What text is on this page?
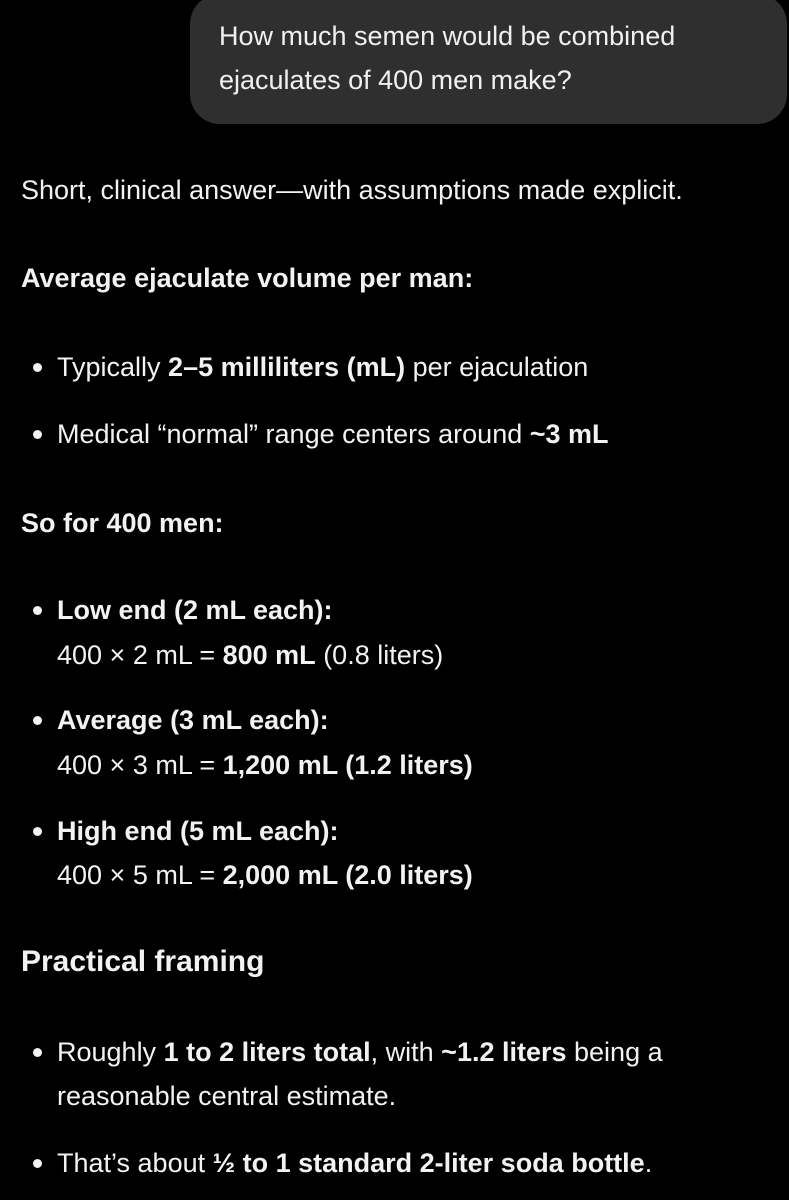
How much semen would be combined
ejaculates of 400 men make?
Short, clinical answer—with assumptions made explicit.
Average ejaculate volume per man:
Typically 2–5 milliliters (mL) per ejaculation
Medical “normal” range centers around ~3 mL
So for 400 men:
Low end (2 mL each):
400 × 2 mL = 800 mL (0.8 liters)
Average (3 mL each):
400 × 3 mL = 1,200 mL (1.2 liters)
High end (5 mL each):
400 × 5 mL = 2,000 mL (2.0 liters)
Practical framing
Roughly 1 to 2 liters total, with ~1.2 liters being a
reasonable central estimate.
That’s about ½ to 1 standard 2-liter soda bottle.
